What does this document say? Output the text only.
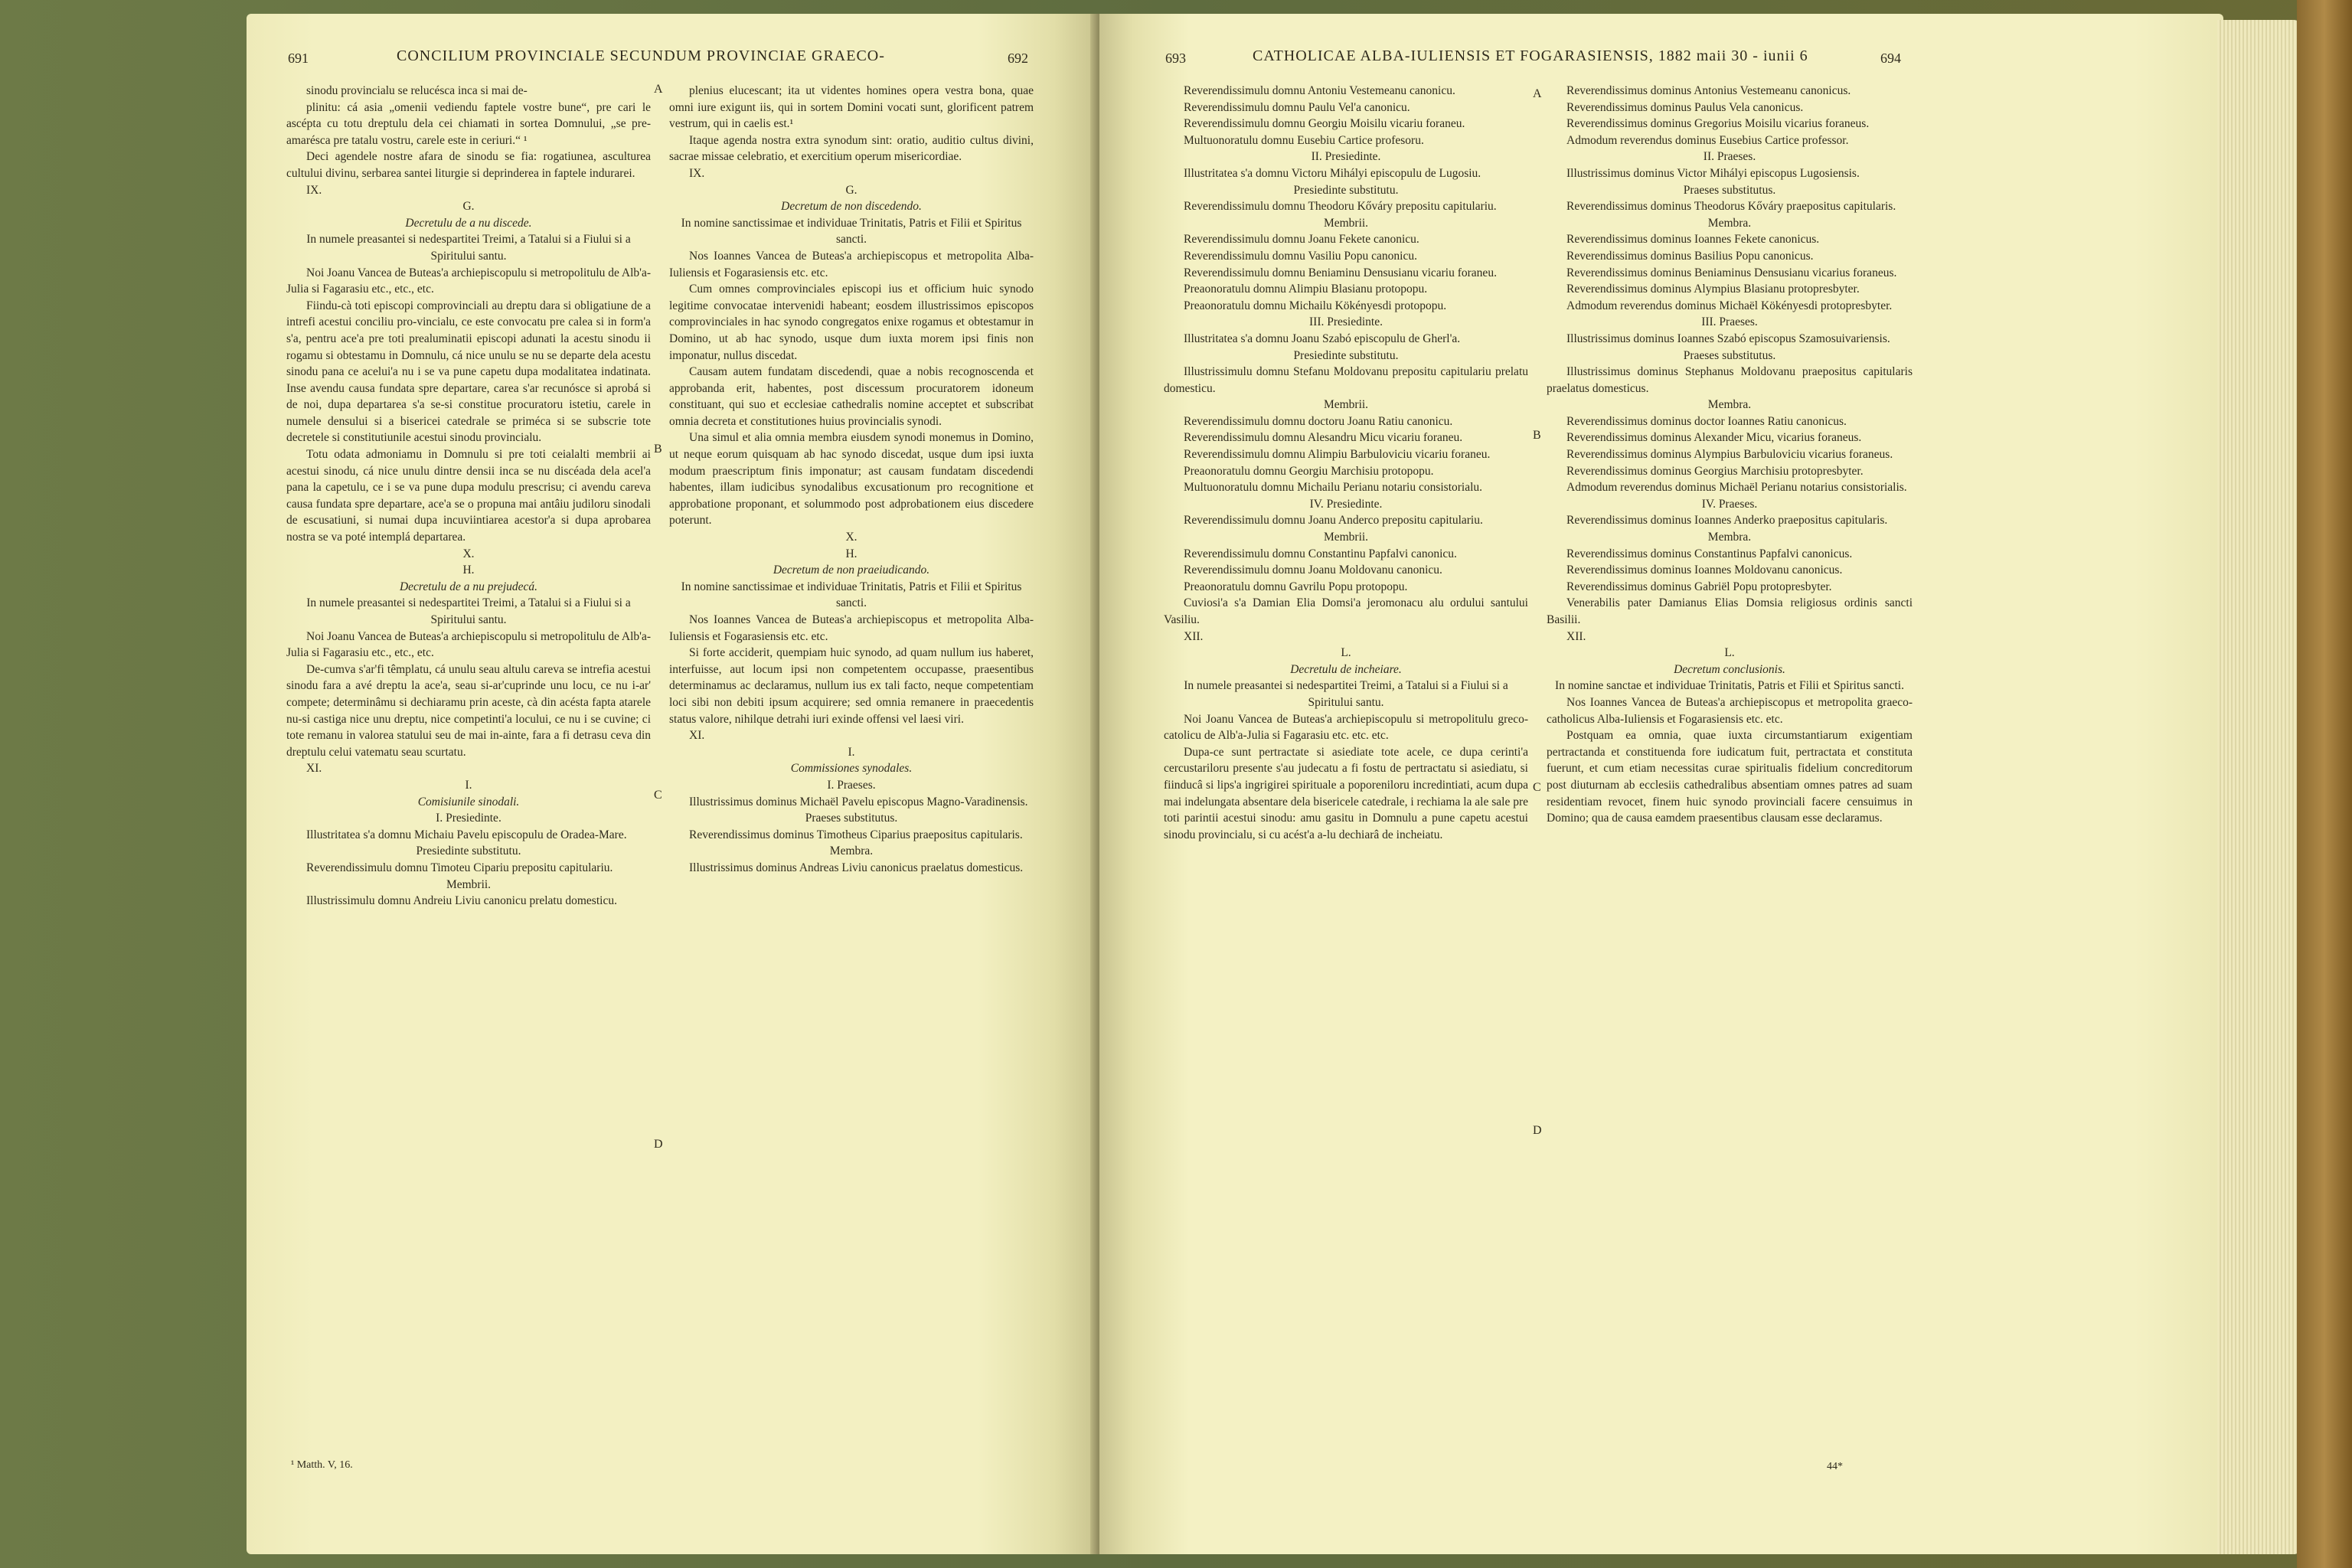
691	CONCILIUM PROVINCIALE SECUNDUM PROVINCIAE GRAECO-	692

sinodu provincialu se relucésca inca si mai de-

plinitu: cá asia „omenii vediendu faptele vostre bune“, pre cari le ascépta cu totu dreptulu dela cei chiamati in sortea Domnului, „se pre-amarésca pre tatalu vostru, carele este in ceriuri.“ ¹

Deci agendele nostre afara de sinodu se fia: rogatiunea, asculturea cultului divinu, serbarea santei liturgie si deprinderea in faptele indurarei.

IX.

G.

Decretulu de a nu discede.

In numele preasantei si nedespartitei Treimi, a Tatalui si a Fiului si a Spiritului santu.

Noi Joanu Vancea de Buteas'a archiepiscopulu si metropolitulu de Alb'a-Julia si Fagarasiu etc., etc., etc.

Fiindu-cà toti episcopi comprovinciali au dreptu dara si obligatiune de a intrefi acestui conciliu pro-vincialu, ce este convocatu pre calea si in form'a s'a, pentru ace'a pre toti prealuminatii episcopi adunati la acestu sinodu ii rogamu si obtestamu in Domnulu, cá nice unulu se nu se departe dela acestu sinodu pana ce acelui'a nu i se va pune capetu dupa modalitatea indatinata. Inse avendu causa fundata spre departare, carea s'ar recunósce si aprobá si de noi, dupa departarea s'a se-si constitue procuratoru istetiu, carele in numele densului si a bisericei catedrale se priméca si se subscrie tote decretele si constitutiunile acestui sinodu provincialu.

Totu odata admoniamu in Domnulu si pre toti ceialalti membrii ai acestui sinodu, cá nice unulu dintre densii inca se nu discéada dela acel'a pana la capetulu, ce i se va pune dupa modulu prescrisu; ci avendu careva causa fundata spre departare, ace'a se o propuna mai antâiu judiloru sinodali de escusatiuni, si numai dupa incuviintiarea acestor'a si dupa aprobarea nostra se va poté intemplá departarea.

X.

H.

Decretulu de a nu prejudecá.

In numele preasantei si nedespartitei Treimi, a Tatalui si a Fiului si a Spiritului santu.

Noi Joanu Vancea de Buteas'a archiepiscopulu si metropolitulu de Alb'a-Julia si Fagarasiu etc., etc., etc.

De-cumva s'ar'fi têmplatu, cá unulu seau altulu careva se intrefia acestui sinodu fara a avé dreptu la ace'a, seau si-ar'cuprinde unu locu, ce nu i-ar' compete; determinâmu si dechiaramu prin aceste, cà din acésta fapta atarele nu-si castiga nice unu dreptu, nice competinti'a locului, ce nu i se cuvine; ci tote remanu in valorea statului seu de mai in-ainte, fara a fi detrasu ceva din dreptulu celui vatematu seau scurtatu.

XI.

I.

Comisiunile sinodali.

I. Presiedinte.

Illustritatea s'a domnu Michaiu Pavelu episcopulu de Oradea-Mare.

Presiedinte substitutu.

Reverendissimulu domnu Timoteu Cipariu prepositu capitulariu.

Membrii.

Illustrissimulu domnu Andreiu Liviu canonicu prelatu domesticu.

plenius elucescant; ita ut videntes homines opera vestra bona, quae omni iure exigunt iis, qui in sortem Domini vocati sunt, glorificent patrem vestrum, qui in caelis est.¹

Itaque agenda nostra extra synodum sint: oratio, auditio cultus divini, sacrae missae celebratio, et exercitium operum misericordiae.

IX.

G.

Decretum de non discedendo.

In nomine sanctissimae et individuae Trinitatis, Patris et Filii et Spiritus sancti.

Nos Ioannes Vancea de Buteas'a archiepiscopus et metropolita Alba-Iuliensis et Fogarasiensis etc. etc.

Cum omnes comprovinciales episcopi ius et officium huic synodo legitime convocatae intervenidi habeant; eosdem illustrissimos episcopos comprovinciales in hac synodo congregatos enixe rogamus et obtestamur in Domino, ut ab hac synodo, usque dum iuxta morem ipsi finis non imponatur, nullus discedat.

Causam autem fundatam discedendi, quae a nobis recognoscenda et approbanda erit, habentes, post discessum procuratorem idoneum constituant, qui suo et ecclesiae cathedralis nomine acceptet et subscribat omnia decreta et constitutiones huius provincialis synodi.

Una simul et alia omnia membra eiusdem synodi monemus in Domino, ut neque eorum quisquam ab hac synodo discedat, usque dum ipsi iuxta modum praescriptum finis imponatur; ast causam fundatam discedendi habentes, illam iudicibus synodalibus excusationum pro recognitione et approbatione proponant, et solummodo post adprobationem eius discedere poterunt.

X.

H.

Decretum de non praeiudicando.

In nomine sanctissimae et individuae Trinitatis, Patris et Filii et Spiritus sancti.

Nos Ioannes Vancea de Buteas'a archiepiscopus et metropolita Alba-Iuliensis et Fogarasiensis etc. etc.

Si forte acciderit, quempiam huic synodo, ad quam nullum ius haberet, interfuisse, aut locum ipsi non competentem occupasse, praesentibus determinamus ac declaramus, nullum ius ex tali facto, neque competentiam loci sibi non debiti ipsum acquirere; sed omnia remanere in praecedentis status valore, nihilque detrahi iuri exinde offensi vel laesi viri.

XI.

I.

Commissiones synodales.

I. Praeses.

Illustrissimus dominus Michaël Pavelu episcopus Magno-Varadinensis.

Praeses substitutus.

Reverendissimus dominus Timotheus Ciparius praepositus capitularis.

Membra.

Illustrissimus dominus Andreas Liviu canonicus praelatus domesticus.

A
B
C
D
¹ Matth. V, 16.
693	CATHOLICAE ALBA-IULIENSIS ET FOGARASIENSIS, 1882 maii 30 - iunii 6	694

Reverendissimulu domnu Antoniu Vestemeanu canonicu.

Reverendissimulu domnu Paulu Vel'a canonicu.

Reverendissimulu domnu Georgiu Moisilu vicariu foraneu.

Multuonoratulu domnu Eusebiu Cartice profesoru.

II. Presiedinte.

Illustritatea s'a domnu Victoru Mihályi episcopulu de Lugosiu.

Presiedinte substitutu.

Reverendissimulu domnu Theodoru Kőváry prepositu capitulariu.

Membrii.

Reverendissimulu domnu Joanu Fekete canonicu.

Reverendissimulu domnu Vasiliu Popu canonicu.

Reverendissimulu domnu Beniaminu Densusianu vicariu foraneu.

Preaonoratulu domnu Alimpiu Blasianu protopopu.

Preaonoratulu domnu Michailu Kökényesdi protopopu.

III. Presiedinte.

Illustritatea s'a domnu Joanu Szabó episcopulu de Gherl'a.

Presiedinte substitutu.

Illustrissimulu domnu Stefanu Moldovanu prepositu capitulariu prelatu domesticu.

Membrii.

Reverendissimulu domnu doctoru Joanu Ratiu canonicu.

Reverendissimulu domnu Alesandru Micu vicariu foraneu.

Reverendissimulu domnu Alimpiu Barbuloviciu vicariu foraneu.

Preaonoratulu domnu Georgiu Marchisiu protopopu.

Multuonoratulu domnu Michailu Perianu notariu consistorialu.

IV. Presiedinte.

Reverendissimulu domnu Joanu Anderco prepositu capitulariu.

Membrii.

Reverendissimulu domnu Constantinu Papfalvi canonicu.

Reverendissimulu domnu Joanu Moldovanu canonicu.

Preaonoratulu domnu Gavrilu Popu protopopu.

Cuviosi'a s'a Damian Elia Domsi'a jeromonacu alu ordului santului Vasiliu.

XII.

L.

Decretulu de incheiare.

In numele preasantei si nedespartitei Treimi, a Tatalui si a Fiului si a Spiritului santu.

Noi Joanu Vancea de Buteas'a archiepiscopulu si metropolitulu greco-catolicu de Alb'a-Julia si Fagarasiu etc. etc. etc.

Dupa-ce sunt pertractate si asiediate tote acele, ce dupa cerinti'a cercustariloru presente s'au judecatu a fi fostu de pertractatu si asiediatu, si fiinducâ si lips'a ingrigirei spirituale a poporeniloru incredintiati, acum dupa mai indelungata absentare dela bisericele catedrale, i rechiama la ale sale pre toti parintii acestui sinodu: amu gasitu in Domnulu a pune capetu acestui sinodu provincialu, si cu acést'a a-lu dechiarâ de incheiatu.

Reverendissimus dominus Antonius Vestemeanu canonicus.

Reverendissimus dominus Paulus Vela canonicus.

Reverendissimus dominus Gregorius Moisilu vicarius foraneus.

Admodum reverendus dominus Eusebius Cartice professor.

II. Praeses.

Illustrissimus dominus Victor Mihályi episcopus Lugosiensis.

Praeses substitutus.

Reverendissimus dominus Theodorus Kőváry praepositus capitularis.

Membra.

Reverendissimus dominus Ioannes Fekete canonicus.

Reverendissimus dominus Basilius Popu canonicus.

Reverendissimus dominus Beniaminus Densusianu vicarius foraneus.

Reverendissimus dominus Alympius Blasianu protopresbyter.

Admodum reverendus dominus Michaël Kökényesdi protopresbyter.

III. Praeses.

Illustrissimus dominus Ioannes Szabó episcopus Szamosuivariensis.

Praeses substitutus.

Illustrissimus dominus Stephanus Moldovanu praepositus capitularis praelatus domesticus.

Membra.

Reverendissimus dominus doctor Ioannes Ratiu canonicus.

Reverendissimus dominus Alexander Micu, vicarius foraneus.

Reverendissimus dominus Alympius Barbuloviciu vicarius foraneus.

Reverendissimus dominus Georgius Marchisiu protopresbyter.

Admodum reverendus dominus Michaël Perianu notarius consistorialis.

IV. Praeses.

Reverendissimus dominus Ioannes Anderko praepositus capitularis.

Membra.

Reverendissimus dominus Constantinus Papfalvi canonicus.

Reverendissimus dominus Ioannes Moldovanu canonicus.

Reverendissimus dominus Gabriël Popu protopresbyter.

Venerabilis pater Damianus Elias Domsia religiosus ordinis sancti Basilii.

XII.

L.

Decretum conclusionis.

In nomine sanctae et individuae Trinitatis, Patris et Filii et Spiritus sancti.

Nos Ioannes Vancea de Buteas'a archiepiscopus et metropolita graeco-catholicus Alba-Iuliensis et Fogarasiensis etc. etc.

Postquam ea omnia, quae iuxta circumstantiarum exigentiam pertractanda et constituenda fore iudicatum fuit, pertractata et constituta fuerunt, et cum etiam necessitas curae spiritualis fidelium concreditorum post diuturnam ab ecclesiis cathedralibus absentiam omnes patres ad suam residentiam revocet, finem huic synodo provinciali facere censuimus in Domino; qua de causa eamdem praesentibus clausam esse declaramus.

A
B
C
D
44*
